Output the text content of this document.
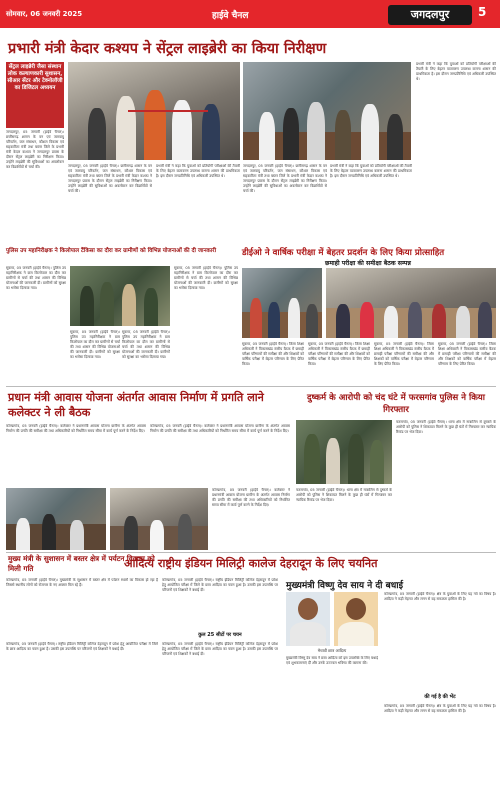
सोमवार, 06 जनवरी 2025	हाईवे चैनल	जगदलपुर	5
प्रभारी मंत्री केदार कश्यप ने सेंट्रल लाइब्रेरी का किया निरीक्षण
सेंट्रल लाइब्रेरी जैसा संस्थान लोक कल्याणकारी सुशासन, सीआर सेंटर और टेक्नोलॉजी का डिजिटल अध्ययन
जगदलपुर, 05 जनवरी (हाईवे चैनल)। छत्तीसगढ़ शासन के वन एवं जलवायु परिवर्तन, जल संसाधन, कौशल विकास एवं सहकारिता मंत्री तथा बस्तर जिले के प्रभारी मंत्री केदार कश्यप ने जगदलपुर प्रवास के दौरान सेंट्रल लाइब्रेरी का निरीक्षण किया। उन्होंने लाइब्रेरी की सुविधाओं का अवलोकन कर विद्यार्थियों से चर्चा की।
प्रभारी मंत्री ने कहा कि युवाओं को प्रतियोगी परीक्षाओं की तैयारी के लिए बेहतर वातावरण उपलब्ध कराना शासन की प्राथमिकता है। इस दौरान जनप्रतिनिधि एवं अधिकारी उपस्थित थे।
जगदलपुर, 05 जनवरी (हाईवे चैनल)। छत्तीसगढ़ शासन के वन एवं जलवायु परिवर्तन, जल संसाधन, कौशल विकास एवं सहकारिता मंत्री तथा बस्तर जिले के प्रभारी मंत्री केदार कश्यप ने जगदलपुर प्रवास के दौरान सेंट्रल लाइब्रेरी का निरीक्षण किया। उन्होंने लाइब्रेरी की सुविधाओं का अवलोकन कर विद्यार्थियों से चर्चा की।
प्रभारी मंत्री ने कहा कि युवाओं को प्रतियोगी परीक्षाओं की तैयारी के लिए बेहतर वातावरण उपलब्ध कराना शासन की प्राथमिकता है। इस दौरान जनप्रतिनिधि एवं अधिकारी उपस्थित थे।
जगदलपुर, 05 जनवरी (हाईवे चैनल)। छत्तीसगढ़ शासन के वन एवं जलवायु परिवर्तन, जल संसाधन, कौशल विकास एवं सहकारिता मंत्री तथा बस्तर जिले के प्रभारी मंत्री केदार कश्यप ने जगदलपुर प्रवास के दौरान सेंट्रल लाइब्रेरी का निरीक्षण किया। उन्होंने लाइब्रेरी की सुविधाओं का अवलोकन कर विद्यार्थियों से चर्चा की।
प्रभारी मंत्री ने कहा कि युवाओं को प्रतियोगी परीक्षाओं की तैयारी के लिए बेहतर वातावरण उपलब्ध कराना शासन की प्राथमिकता है। इस दौरान जनप्रतिनिधि एवं अधिकारी उपस्थित थे।
पुलिस उप महानिरीक्षक ने किलोपाल टैंकिसा का दौरा कर ग्रामीणों को विभिन्न योजनाओं की दी जानकारी
सुकमा, 05 जनवरी (हाईवे चैनल)। पुलिस उप महानिरीक्षक ने ग्राम किलोपाल का दौरा कर ग्रामीणों से चर्चा की तथा शासन की विभिन्न योजनाओं की जानकारी दी। ग्रामीणों को सुरक्षा का भरोसा दिलाया गया।
सुकमा, 05 जनवरी (हाईवे चैनल)। पुलिस उप महानिरीक्षक ने ग्राम किलोपाल का दौरा कर ग्रामीणों से चर्चा की तथा शासन की विभिन्न योजनाओं की जानकारी दी। ग्रामीणों को सुरक्षा का भरोसा दिलाया गया।
सुकमा, 05 जनवरी (हाईवे चैनल)। पुलिस उप महानिरीक्षक ने ग्राम किलोपाल का दौरा कर ग्रामीणों से चर्चा की तथा शासन की विभिन्न योजनाओं की जानकारी दी। ग्रामीणों को सुरक्षा का भरोसा दिलाया गया।
सुकमा, 05 जनवरी (हाईवे चैनल)। पुलिस उप महानिरीक्षक ने ग्राम किलोपाल का दौरा कर ग्रामीणों से चर्चा की तथा शासन की विभिन्न योजनाओं की जानकारी दी। ग्रामीणों को सुरक्षा का भरोसा दिलाया गया।
डीईओ ने वार्षिक परीक्षा में बेहतर प्रदर्शन के लिए किया प्रोत्साहित
छमाही परीक्षा की समीक्षा बैठक सम्पन्न
सुकमा, 05 जनवरी (हाईवे चैनल)। जिला शिक्षा अधिकारी ने विकासखंड स्तरीय बैठक में छमाही परीक्षा परिणामों की समीक्षा की और शिक्षकों को वार्षिक परीक्षा में बेहतर परिणाम के लिए प्रेरित किया।
सुकमा, 05 जनवरी (हाईवे चैनल)। जिला शिक्षा अधिकारी ने विकासखंड स्तरीय बैठक में छमाही परीक्षा परिणामों की समीक्षा की और शिक्षकों को वार्षिक परीक्षा में बेहतर परिणाम के लिए प्रेरित किया।
सुकमा, 05 जनवरी (हाईवे चैनल)। जिला शिक्षा अधिकारी ने विकासखंड स्तरीय बैठक में छमाही परीक्षा परिणामों की समीक्षा की और शिक्षकों को वार्षिक परीक्षा में बेहतर परिणाम के लिए प्रेरित किया।
सुकमा, 05 जनवरी (हाईवे चैनल)। जिला शिक्षा अधिकारी ने विकासखंड स्तरीय बैठक में छमाही परीक्षा परिणामों की समीक्षा की और शिक्षकों को वार्षिक परीक्षा में बेहतर परिणाम के लिए प्रेरित किया।
प्रधान मंत्री आवास योजना अंतर्गत आवास निर्माण में प्रगति लाने कलेक्टर ने ली बैठक
कोण्डागांव, 05 जनवरी (हाईवे चैनल)। कलेक्टर ने प्रधानमंत्री आवास योजना ग्रामीण के अंतर्गत आवास निर्माण की प्रगति की समीक्षा की तथा अधिकारियों को निर्धारित समय सीमा में कार्य पूर्ण करने के निर्देश दिए।
कोण्डागांव, 05 जनवरी (हाईवे चैनल)। कलेक्टर ने प्रधानमंत्री आवास योजना ग्रामीण के अंतर्गत आवास निर्माण की प्रगति की समीक्षा की तथा अधिकारियों को निर्धारित समय सीमा में कार्य पूर्ण करने के निर्देश दिए।
कोण्डागांव, 05 जनवरी (हाईवे चैनल)। कलेक्टर ने प्रधानमंत्री आवास योजना ग्रामीण के अंतर्गत आवास निर्माण की प्रगति की समीक्षा की तथा अधिकारियों को निर्धारित समय सीमा में कार्य पूर्ण करने के निर्देश दिए।
दुष्कर्म के आरोपी को चंद घंटे में फरसगांव पुलिस ने किया गिरफ्तार
फरसगांव, 05 जनवरी (हाईवे चैनल)। थाना क्षेत्र में नाबालिग से दुष्कर्म के आरोपी को पुलिस ने शिकायत मिलने के कुछ ही घंटों में गिरफ्तार कर न्यायिक रिमांड पर भेज दिया।
फरसगांव, 05 जनवरी (हाईवे चैनल)। थाना क्षेत्र में नाबालिग से दुष्कर्म के आरोपी को पुलिस ने शिकायत मिलने के कुछ ही घंटों में गिरफ्तार कर न्यायिक रिमांड पर भेज दिया।
मुख्य मंत्री के सुशासन में बस्तर क्षेत्र में पर्यटन विकास को मिली गति
कोण्डागांव, 05 जनवरी (हाईवे चैनल)। मुख्यमंत्री के सुशासन में बस्तर क्षेत्र में पर्यटन स्थलों का विकास हो रहा है जिससे स्थानीय लोगों को रोजगार के नए अवसर मिल रहे हैं।
आदित्य राष्ट्रीय इंडियन मिलिट्री कालेज देहरादून के लिए चयनित
कोण्डागांव, 05 जनवरी (हाईवे चैनल)। राष्ट्रीय इंडियन मिलिट्री कॉलेज देहरादून में प्रवेश हेतु आयोजित परीक्षा में जिले के छात्र आदित्य का चयन हुआ है। उसकी इस उपलब्धि पर परिजनों एवं शिक्षकों ने बधाई दी।
कोण्डागांव, 05 जनवरी (हाईवे चैनल)। राष्ट्रीय इंडियन मिलिट्री कॉलेज देहरादून में प्रवेश हेतु आयोजित परीक्षा में जिले के छात्र आदित्य का चयन हुआ है। उसकी इस उपलब्धि पर परिजनों एवं शिक्षकों ने बधाई दी।
कुल 25 सीटों पर चयन
कोण्डागांव, 05 जनवरी (हाईवे चैनल)। राष्ट्रीय इंडियन मिलिट्री कॉलेज देहरादून में प्रवेश हेतु आयोजित परीक्षा में जिले के छात्र आदित्य का चयन हुआ है। उसकी इस उपलब्धि पर परिजनों एवं शिक्षकों ने बधाई दी।
मुख्यमंत्री विष्णु देव साय ने दी बधाई
मेधावी छात्र आदित्य
मुख्यमंत्री विष्णु देव साय ने छात्र आदित्य को इस उपलब्धि के लिए बधाई एवं शुभकामनाएं दीं और उनके उज्ज्वल भविष्य की कामना की।
कोण्डागांव, 05 जनवरी (हाईवे चैनल)। क्षेत्र के युवाओं के लिए यह गर्व का विषय है। आदित्य ने कड़ी मेहनत और लगन से यह सफलता हासिल की है।
की गई है की भेंट
कोण्डागांव, 05 जनवरी (हाईवे चैनल)। क्षेत्र के युवाओं के लिए यह गर्व का विषय है। आदित्य ने कड़ी मेहनत और लगन से यह सफलता हासिल की है।
